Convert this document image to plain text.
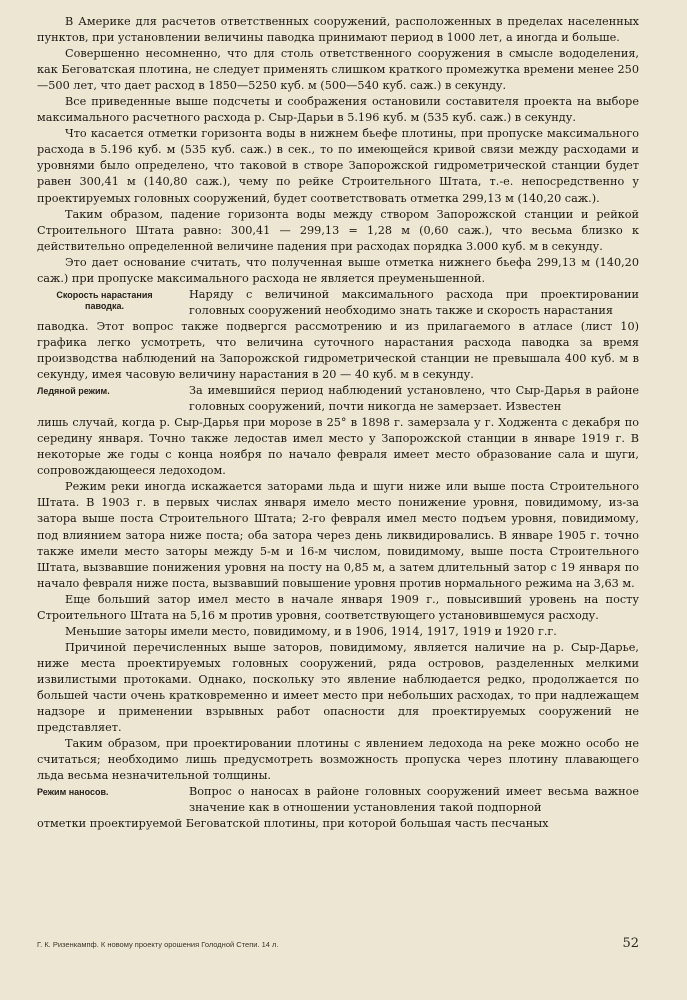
В Америке для расчетов ответственных сооружений, расположенных в пределах населенных пунктов, при установлении величины паводка принимают период в 1000 лет, а иногда и больше.

Совершенно несомненно, что для столь ответственного сооружения в смысле вододеления, как Беговатская плотина, не следует применять слишком краткого промежутка времени менее 250—500 лет, что дает расход в 1850—5250 куб. м (500—540 куб. саж.) в секунду.

Все приведенные выше подсчеты и соображения остановили составителя проекта на выборе максимального расчетного расхода р. Сыр-Дарьи в 5.196 куб. м (535 куб. саж.) в секунду.

Что касается отметки горизонта воды в нижнем бьефе плотины, при пропуске максимального расхода в 5.196 куб. м (535 куб. саж.) в сек., то по имеющейся кривой связи между расходами и уровнями было определено, что таковой в створе Запорожской гидрометрической станции будет равен 300,41 м (140,80 саж.), чему по рейке Строительного Штата, т.-е. непосредственно у проектируемых головных сооружений, будет соответствовать отметка 299,13 м (140,20 саж.).

Таким образом, падение горизонта воды между створом Запорожской станции и рейкой Строительного Штата равно: 300,41 — 299,13 = 1,28 м (0,60 саж.), что весьма близко к действительно определенной величине падения при расходах порядка 3.000 куб. м в секунду.

Это дает основание считать, что полученная выше отметка нижнего бьефа 299,13 м (140,20 саж.) при пропуске максимального расхода не является преуменьшенной.

Скорость нарастания паводка.

Наряду с величиной максимального расхода при проектировании головных сооружений необходимо знать также и скорость нарастания

паводка. Этот вопрос также подвергся рассмотрению и из прилагаемого в атласе (лист 10) графика легко усмотреть, что величина суточного нарастания расхода паводка за время производства наблюдений на Запорожской гидрометрической станции не превышала 400 куб. м в секунду, имея часовую величину нарастания в 20 — 40 куб. м в секунду.

Ледяной режим.	За имевшийся период наблюдений установлено, что Сыр-Дарья в районе головных сооружений, почти никогда не замерзает. Известен

лишь случай, когда р. Сыр-Дарья при морозе в 25° в 1898 г. замерзала у г. Ходжента с декабря по середину января. Точно также ледостав имел место у Запорожской станции в январе 1919 г. В некоторые же годы с конца ноября по начало февраля имеет место образование сала и шуги, сопровождающееся ледоходом.

Режим реки иногда искажается заторами льда и шуги ниже или выше поста Строительного Штата. В 1903 г. в первых числах января имело место понижение уровня, повидимому, из-за затора выше поста Строительного Штата; 2-го февраля имел место подъем уровня, повидимому, под влиянием затора ниже поста; оба затора через день ликвидировались. В январе 1905 г. точно также имели место заторы между 5-м и 16-м числом, повидимому, выше поста Строительного Штата, вызвавшие понижения уровня на посту на 0,85 м, а затем длительный затор с 19 января по начало февраля ниже поста, вызвавший повышение уровня против нормального режима на 3,63 м.

Еще больший затор имел место в начале января 1909 г., повысивший уровень на посту Строительного Штата на 5,16 м против уровня, соответствующего установившемуся расходу.

Меньшие заторы имели место, повидимому, и в 1906, 1914, 1917, 1919 и 1920 г.г.

Причиной перечисленных выше заторов, повидимому, является наличие на р. Сыр-Дарье, ниже места проектируемых головных сооружений, ряда островов, разделенных мелкими извилистыми протоками. Однако, поскольку это явление наблюдается редко, продолжается по большей части очень кратковременно и имеет место при небольших расходах, то при надлежащем надзоре и применении взрывных работ опасности для проектируемых сооружений не представляет.

Таким образом, при проектировании плотины с явлением ледохода на реке можно особо не считаться; необходимо лишь предусмотреть возможность пропуска через плотину плавающего льда весьма незначительной толщины.

Режим наносов.	Вопрос о наносах в районе головных сооружений имеет весьма важное значение как в отношении установления такой подпорной

отметки проектируемой Беговатской плотины, при которой большая часть песчаных

Г. К. Ризенкампф. К новому проекту орошения Голодной Степи. 14 л.	52
